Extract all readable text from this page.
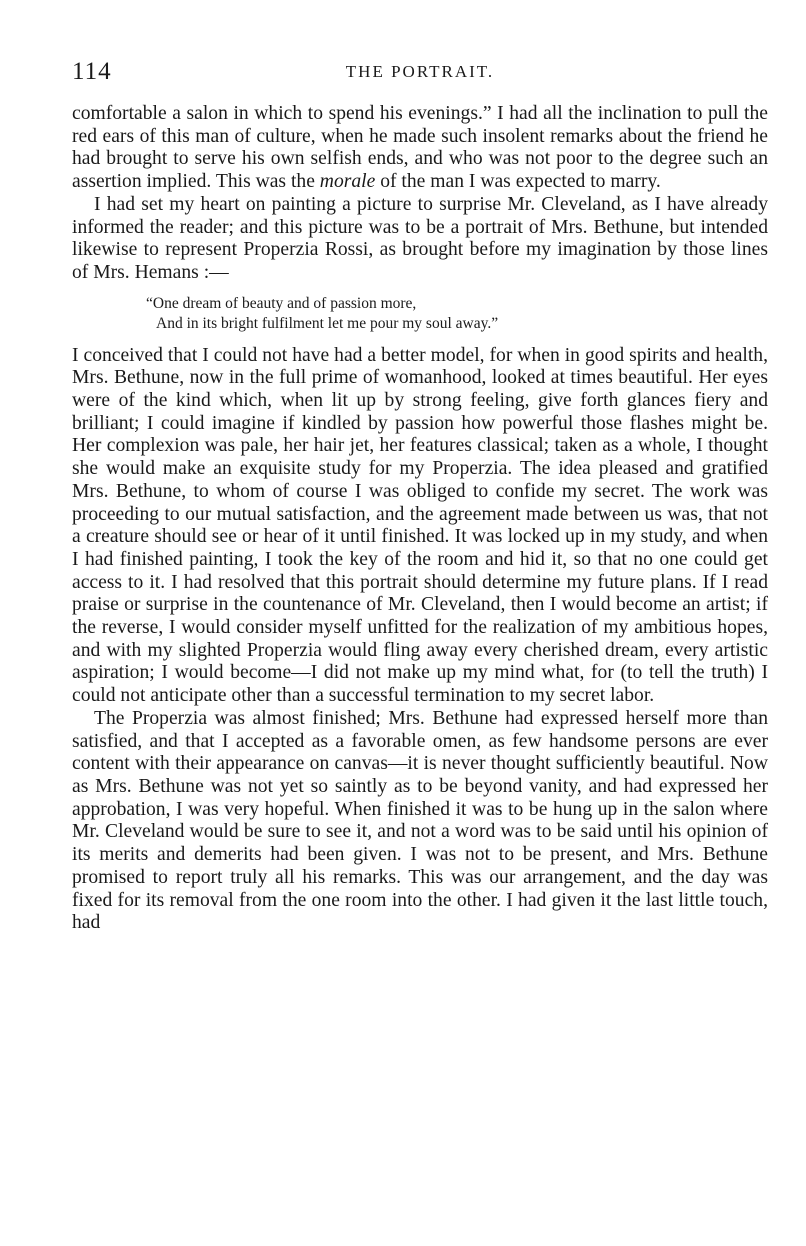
114	THE PORTRAIT.

comfortable a salon in which to spend his evenings.” I had all the inclination to pull the red ears of this man of culture, when he made such insolent remarks about the friend he had brought to serve his own selfish ends, and who was not poor to the degree such an assertion implied. This was the morale of the man I was expected to marry.

I had set my heart on painting a picture to surprise Mr. Cleveland, as I have already informed the reader; and this picture was to be a portrait of Mrs. Bethune, but intended likewise to represent Properzia Rossi, as brought before my imagination by those lines of Mrs. Hemans :—

“One dream of beauty and of passion more,
And in its bright fulfilment let me pour my soul away.”

I conceived that I could not have had a better model, for when in good spirits and health, Mrs. Bethune, now in the full prime of womanhood, looked at times beautiful. Her eyes were of the kind which, when lit up by strong feeling, give forth glances fiery and brilliant; I could imagine if kindled by passion how powerful those flashes might be. Her complexion was pale, her hair jet, her features classical; taken as a whole, I thought she would make an exquisite study for my Properzia. The idea pleased and gratified Mrs. Bethune, to whom of course I was obliged to confide my secret. The work was proceeding to our mutual satisfaction, and the agreement made between us was, that not a creature should see or hear of it until finished. It was locked up in my study, and when I had finished painting, I took the key of the room and hid it, so that no one could get access to it. I had resolved that this portrait should determine my future plans. If I read praise or surprise in the countenance of Mr. Cleveland, then I would become an artist; if the reverse, I would consider myself unfitted for the realization of my ambitious hopes, and with my slighted Properzia would fling away every cherished dream, every artistic aspiration; I would become—I did not make up my mind what, for (to tell the truth) I could not anticipate other than a successful termination to my secret labor.

The Properzia was almost finished; Mrs. Bethune had expressed herself more than satisfied, and that I accepted as a favorable omen, as few handsome persons are ever content with their appearance on canvas—it is never thought sufficiently beautiful. Now as Mrs. Bethune was not yet so saintly as to be beyond vanity, and had expressed her approbation, I was very hopeful. When finished it was to be hung up in the salon where Mr. Cleveland would be sure to see it, and not a word was to be said until his opinion of its merits and demerits had been given. I was not to be present, and Mrs. Bethune promised to report truly all his remarks. This was our arrangement, and the day was fixed for its removal from the one room into the other. I had given it the last little touch, had
